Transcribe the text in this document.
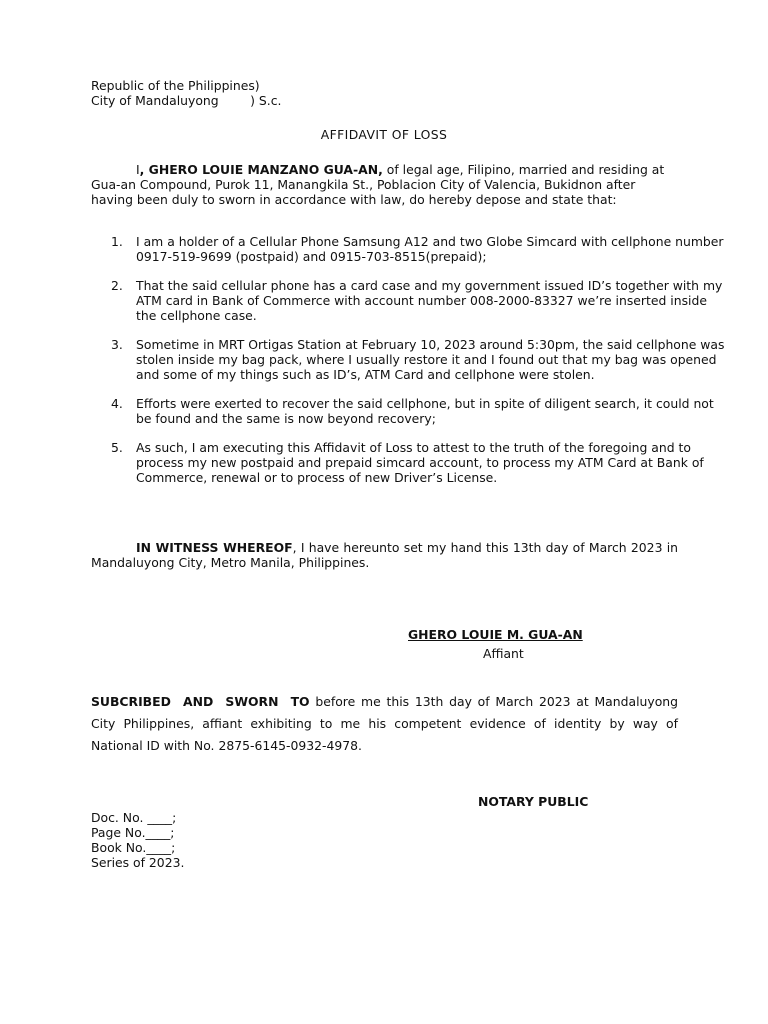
Republic of the Philippines)
City of Mandaluyong        ) S.c.
AFFIDAVIT OF LOSS
I, GHERO LOUIE MANZANO GUA-AN, of legal age, Filipino, married and residing at Gua-an Compound, Purok 11, Manangkila St., Poblacion City of Valencia, Bukidnon after having been duly to sworn in accordance with law, do hereby depose and state that:
1. I am a holder of a Cellular Phone Samsung A12 and two Globe Simcard with cellphone number 0917-519-9699 (postpaid) and 0915-703-8515(prepaid);
2. That the said cellular phone has a card case and my government issued ID’s together with my ATM card in Bank of Commerce with account number 008-2000-83327 we’re inserted inside the cellphone case.
3. Sometime in MRT Ortigas Station at February 10, 2023 around 5:30pm, the said cellphone was stolen inside my bag pack, where I usually restore it and I found out that my bag was opened and some of my things such as ID’s, ATM Card and cellphone were stolen.
4. Efforts were exerted to recover the said cellphone, but in spite of diligent search, it could not be found and the same is now beyond recovery;
5. As such, I am executing this Affidavit of Loss to attest to the truth of the foregoing and to process my new postpaid and prepaid simcard account, to process my ATM Card at Bank of Commerce, renewal or to process of new Driver’s License.
IN WITNESS WHEREOF, I have hereunto set my hand this 13th day of March 2023 in Mandaluyong City, Metro Manila, Philippines.
GHERO LOUIE M. GUA-AN
Affiant
SUBCRIBED AND SWORN TO before me this 13th day of March 2023 at Mandaluyong City Philippines, affiant exhibiting to me his competent evidence of identity by way of National ID with No. 2875-6145-0932-4978.
NOTARY PUBLIC
Doc. No. ____;
Page No.____;
Book No.____;
Series of 2023.
